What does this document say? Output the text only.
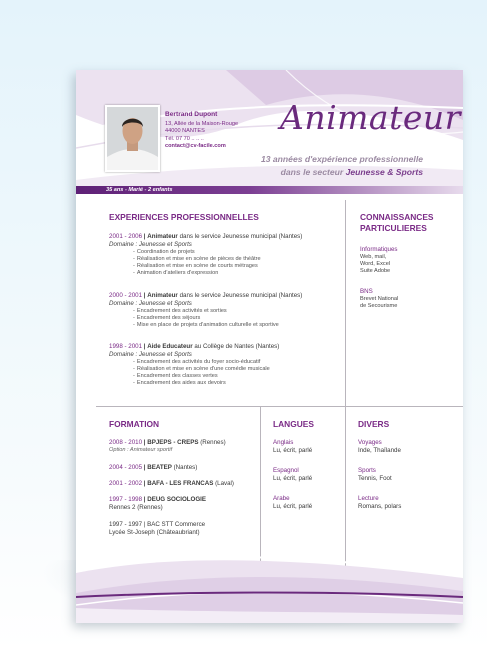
Bertrand Dupont
13, Allée de la Maison-Rouge
44000 NANTES
Tél. 07 70 .. .. ..
contact@cv-facile.com
Animateur
13 années d'expérience professionnelle
dans le secteur Jeunesse & Sports
35 ans - Marié - 2 enfants
EXPERIENCES PROFESSIONNELLES
2001 - 2006 | Animateur dans le service Jeunesse municipal (Nantes)
Domaine : Jeunesse et Sports
- Coordination de projets
- Réalisation et mise en scène de pièces de théâtre
- Réalisation et mise en scène de courts métrages
- Animation d'ateliers d'expression
2000 - 2001 | Animateur dans le service Jeunesse municipal (Nantes)
Domaine : Jeunesse et Sports
- Encadrement des activités et sorties
- Encadrement des séjours
- Mise en place de projets d'animation culturelle et sportive
1998 - 2001 | Aide Educateur au Collège de Nantes (Nantes)
Domaine : Jeunesse et Sports
- Encadrement des activités du foyer socio-éducatif
- Réalisation et mise en scène d'une comédie musicale
- Encadrement des classes vertes
- Encadrement des aides aux devoirs
CONNAISSANCES
PARTICULIERES
Informatiques
Web, mail,
Word, Excel
Suite Adobe
BNS
Brevet National
de Secourisme
FORMATION
2008 - 2010 | BPJEPS - CREPS (Rennes)
Option : Animateur sportif
2004 - 2005 | BEATEP (Nantes)
2001 - 2002 | BAFA - LES FRANCAS (Laval)
1997 - 1998 | DEUG SOCIOLOGIE
Rennes 2 (Rennes)
1997 - 1997 | BAC STT Commerce
Lycée St-Joseph (Châteaubriant)
LANGUES
Anglais
Lu, écrit, parlé
Espagnol
Lu, écrit, parlé
Arabe
Lu, écrit, parlé
DIVERS
Voyages
Inde, Thaïlande
Sports
Tennis, Foot
Lecture
Romans, polars
